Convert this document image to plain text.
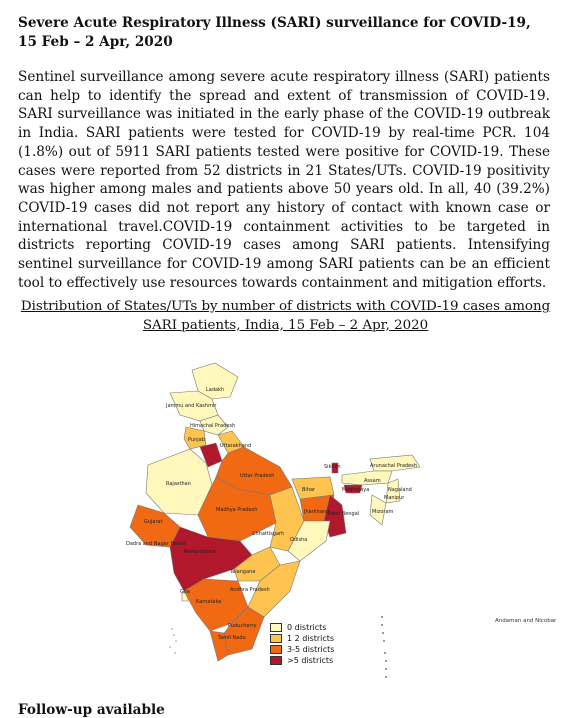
Severe Acute Respiratory Illness (SARI) surveillance for COVID-19, 15 Feb – 2 Apr, 2020

Sentinel surveillance among severe acute respiratory illness (SARI) patients can help to identify the spread and extent of transmission of COVID-19. SARI surveillance was initiated in the early phase of the COVID-19 outbreak in India. SARI patients were tested for COVID-19 by real-time PCR. 104 (1.8%) out of 5911 SARI patients tested were positive for COVID-19. These cases were reported from 52 districts in 21 States/UTs. COVID-19 positivity was higher among males and patients above 50 years old. In all, 40 (39.2%) COVID-19 cases did not report any history of contact with known case or international travel.COVID-19 containment activities to be targeted in districts reporting COVID-19 cases among SARI patients. Intensifying sentinel surveillance for COVID-19 among SARI patients can be an efficient tool to effectively use resources towards containment and mitigation efforts.

Distribution of States/UTs by number of districts with COVID-19 cases among SARI patients, India, 15 Feb – 2 Apr, 2020

Ladakh
Jammu and Kashmir
Himachal Pradesh
Punjab
Uttarakhand
Rajasthan
Uttar Pradesh
Bihar
Sikkim	Arunachal Pradesh
Assam
Nagaland
Manipur
Mizoram
Meghalaya
Gujarat
Madhya Pradesh	Jharkhand
West Bengal
Dadra and Nagar Haveli
Chhattisgarh
Odisha
Maharashtra
Telangana
Goa
Karnataka
Andhra Pradesh
Puducherry
Tamil Nadu
Andaman and Nicobar
0 districts
1 2 districts
3-5 districts
>5 districts

Follow-up available
